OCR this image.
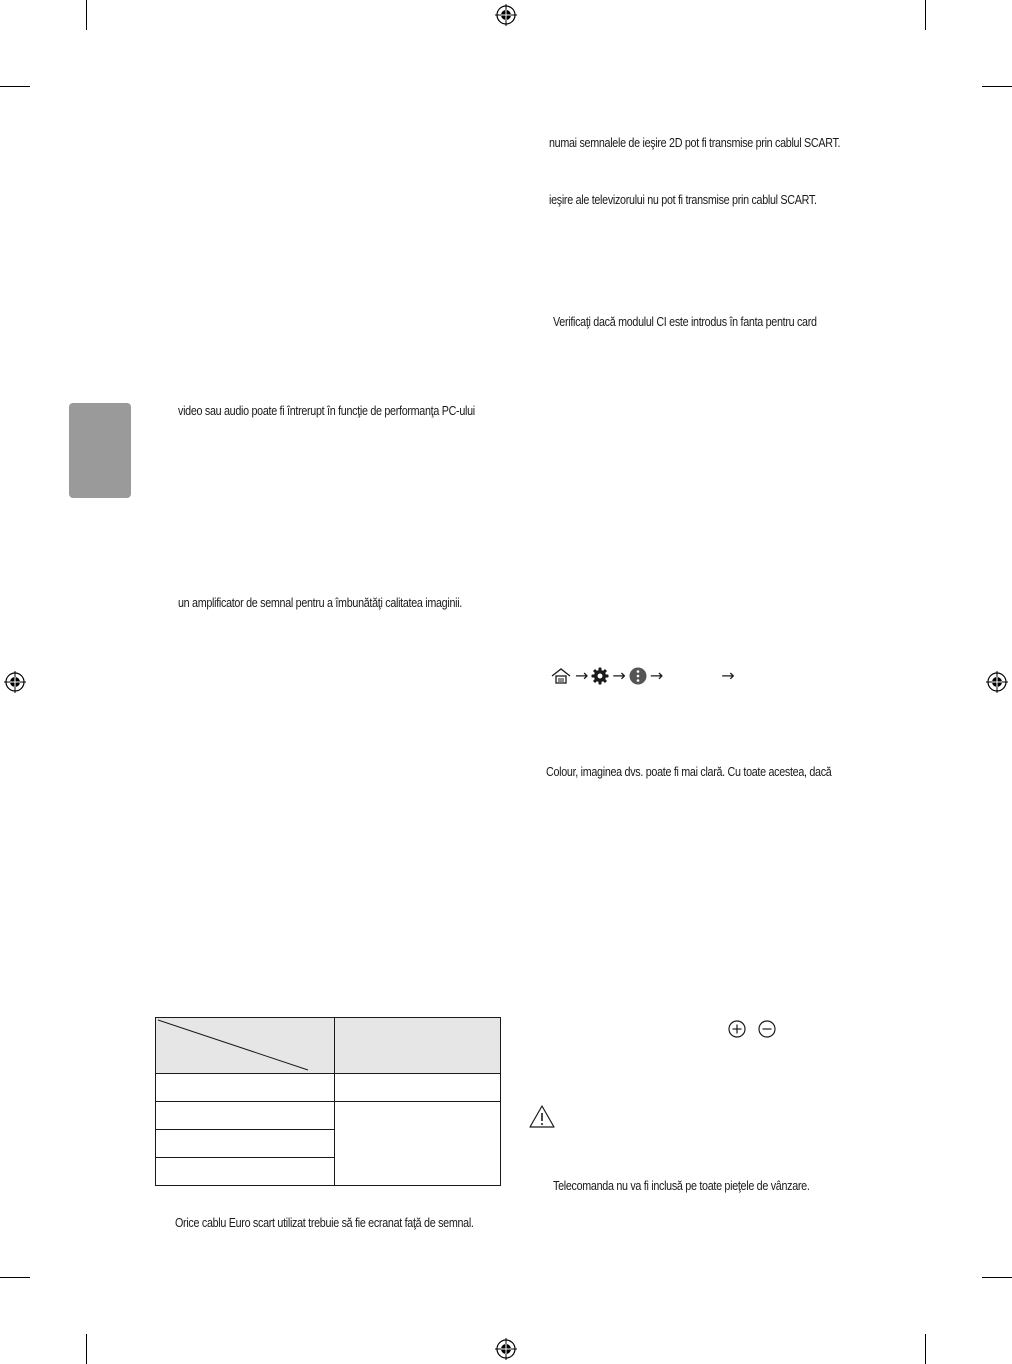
numai semnalele de ieşire 2D pot fi transmise prin cablul SCART.
ieşire ale televizorului nu pot fi transmise prin cablul SCART.
Verificaţi dacă modulul CI este introdus în fanta pentru card
video sau audio poate fi întrerupt în funcţie de performanţa PC-ului
un amplificator de semnal pentru a îmbunătăţi calitatea imaginii.
→ → →	→
Colour, imaginea dvs. poate fi mai clară. Cu toate acestea, dacă

Orice cablu Euro scart utilizat trebuie să fie ecranat faţă de semnal.
Telecomanda nu va fi inclusă pe toate pieţele de vânzare.
